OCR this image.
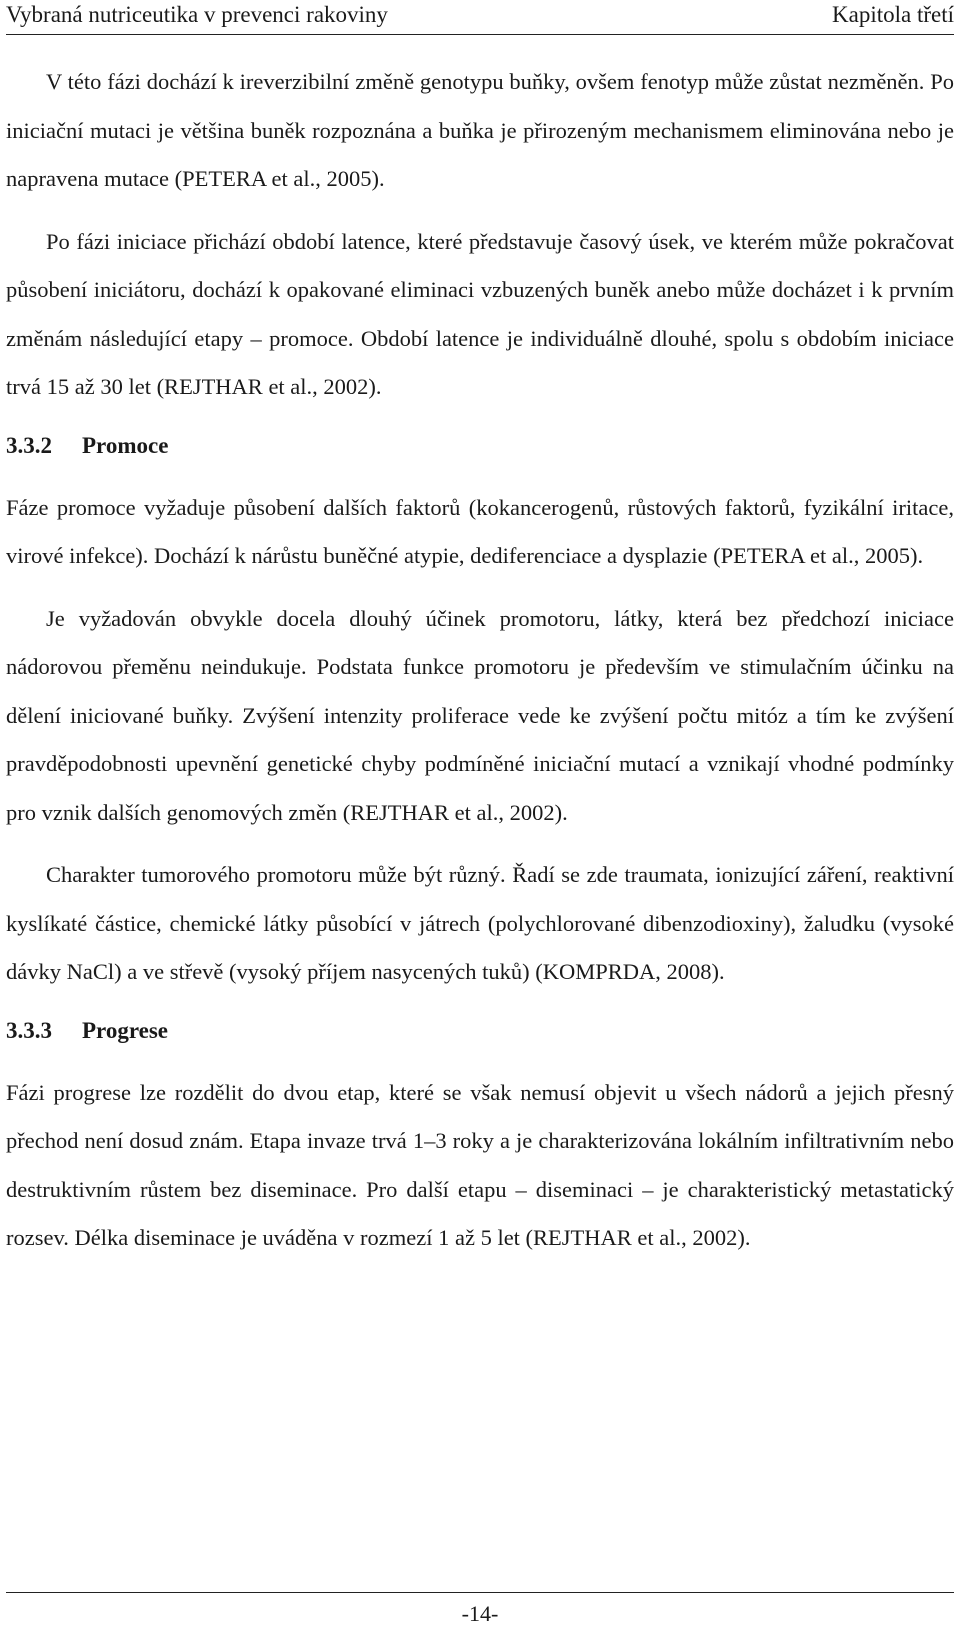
Vybraná nutriceutika v prevenci rakoviny	Kapitola třetí

V této fázi dochází k ireverzibilní změně genotypu buňky, ovšem fenotyp může zůstat nezměněn. Po iniciační mutaci je většina buněk rozpoznána a buňka je přirozeným mechanismem eliminována nebo je napravena mutace (PETERA et al., 2005).

Po fázi iniciace přichází období latence, které představuje časový úsek, ve kterém může pokračovat působení iniciátoru, dochází k opakované eliminaci vzbuzených buněk anebo může docházet i k prvním změnám následující etapy – promoce. Období latence je individuálně dlouhé, spolu s obdobím iniciace trvá 15 až 30 let (REJTHAR et al., 2002).

3.3.2 Promoce

Fáze promoce vyžaduje působení dalších faktorů (kokancerogenů, růstových faktorů, fyzikální iritace, virové infekce). Dochází k nárůstu buněčné atypie, dediferenciace a dysplazie (PETERA et al., 2005).

Je vyžadován obvykle docela dlouhý účinek promotoru, látky, která bez předchozí iniciace nádorovou přeměnu neindukuje. Podstata funkce promotoru je především ve stimulačním účinku na dělení iniciované buňky. Zvýšení intenzity proliferace vede ke zvýšení počtu mitóz a tím ke zvýšení pravděpodobnosti upevnění genetické chyby podmíněné iniciační mutací a vznikají vhodné podmínky pro vznik dalších genomových změn (REJTHAR et al., 2002).

Charakter tumorového promotoru může být různý. Řadí se zde traumata, ionizující záření, reaktivní kyslíkaté částice, chemické látky působící v játrech (polychlorované dibenzodioxiny), žaludku (vysoké dávky NaCl) a ve střevě (vysoký příjem nasycených tuků) (KOMPRDA, 2008).

3.3.3 Progrese

Fázi progrese lze rozdělit do dvou etap, které se však nemusí objevit u všech nádorů a jejich přesný přechod není dosud znám. Etapa invaze trvá 1–3 roky a je charakterizována lokálním infiltrativním nebo destruktivním růstem bez diseminace. Pro další etapu – diseminaci – je charakteristický metastatický rozsev. Délka diseminace je uváděna v rozmezí 1 až 5 let (REJTHAR et al., 2002).

-14-
